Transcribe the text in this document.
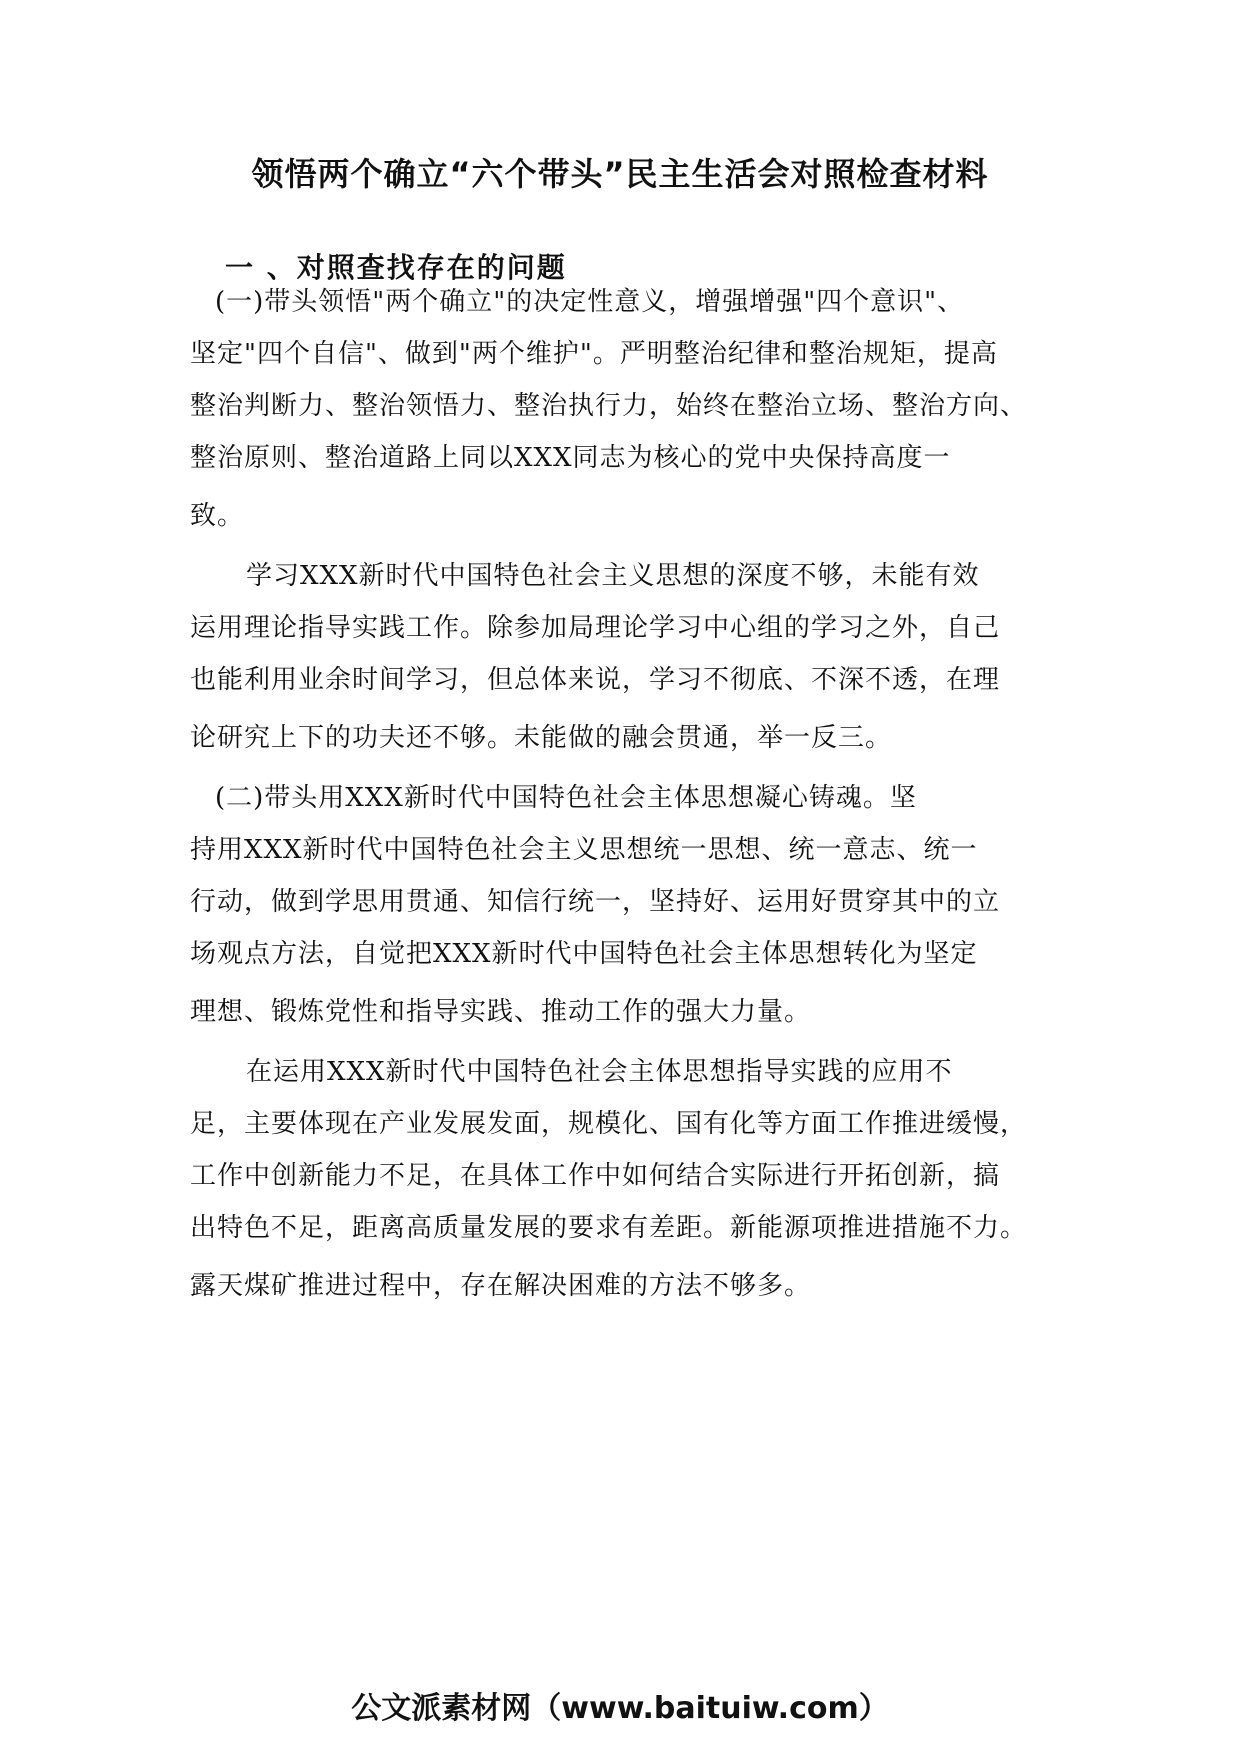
领悟两个确立“六个带头”民主生活会对照检查材料
一 、对照查找存在的问题
(一)带头领悟"两个确立"的决定性意义，增强增强"四个意识"、
坚定"四个自信"、做到"两个维护"。严明整治纪律和整治规矩，提高
整治判断力、整治领悟力、整治执行力，始终在整治立场、整治方向、
整治原则、整治道路上同以XXX同志为核心的党中央保持高度一
致。
学习XXX新时代中国特色社会主义思想的深度不够，未能有效
运用理论指导实践工作。除参加局理论学习中心组的学习之外，自己
也能利用业余时间学习，但总体来说，学习不彻底、不深不透，在理
论研究上下的功夫还不够。未能做的融会贯通，举一反三。
(二)带头用XXX新时代中国特色社会主体思想凝心铸魂。坚
持用XXX新时代中国特色社会主义思想统一思想、统一意志、统一
行动，做到学思用贯通、知信行统一，坚持好、运用好贯穿其中的立
场观点方法，自觉把XXX新时代中国特色社会主体思想转化为坚定
理想、锻炼党性和指导实践、推动工作的强大力量。
在运用XXX新时代中国特色社会主体思想指导实践的应用不
足，主要体现在产业发展发面，规模化、国有化等方面工作推进缓慢，
工作中创新能力不足，在具体工作中如何结合实际进行开拓创新，搞
出特色不足，距离高质量发展的要求有差距。新能源项推进措施不力。
露天煤矿推进过程中，存在解决困难的方法不够多。
公文派素材网（www.baituiw.com）
